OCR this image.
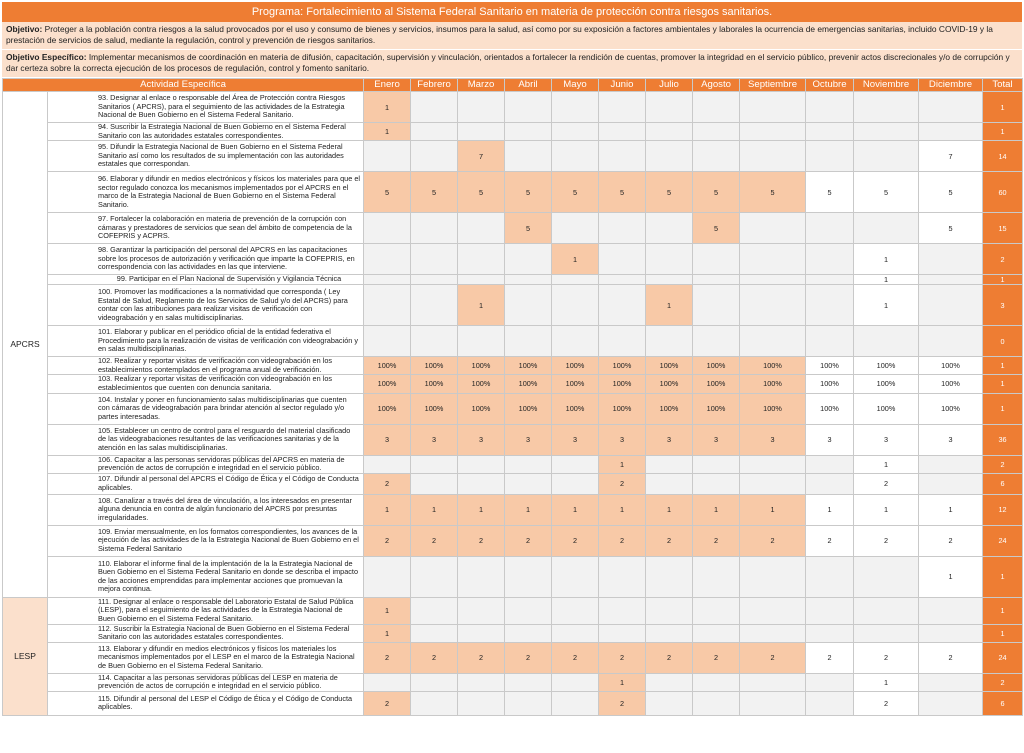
Programa: Fortalecimiento al Sistema Federal Sanitario en materia de protección contra riesgos sanitarios.
Objetivo: Proteger a la población contra riesgos a la salud provocados por el uso y consumo de bienes y servicios, insumos para la salud, así como por su exposición a factores ambientales y laborales la ocurrencia de emergencias sanitarias, incluido COVID-19 y la prestación de servicios de salud, mediante la regulación, control y prevención de riesgos sanitarios.
Objetivo Específico: Implementar mecanismos de coordinación en materia de difusión, capacitación, supervisión y vinculación, orientados a fortalecer la rendición de cuentas, promover la integridad en el servicio público, prevenir actos discrecionales y/o de corrupción y dar certeza sobre la correcta ejecución de los procesos de regulación, control y fomento sanitario.
Actividad Específica		Enero	Febrero	Marzo	Abril	Mayo	Junio	Julio	Agosto	Septiembre	Octubre	Noviembre	Diciembre	Total
APCRS	93. Designar al enlace o responsable del Área de Protección contra Riesgos Sanitarios ( APCRS), para el seguimiento de las actividades de la Estrategia Nacional de Buen Gobierno en el Sistema Federal Sanitario.	1												1
	94. Suscribir la Estrategia Nacional de Buen Gobierno en el Sistema Federal Sanitario con las autoridades estatales correspondientes.	1												1
	95. Difundir la Estrategia Nacional de Buen Gobierno en el Sistema Federal Sanitario así como los resultados de su implementación con las autoridades estatales que correspondan.			7									7	14
	96. Elaborar y difundir en medios electrónicos y físicos los materiales para que el sector regulado conozca los mecanismos implementados por el APCRS en el marco de la Estrategia Nacional de Buen Gobierno en el Sistema Federal Sanitario.	5	5	5	5	5	5	5	5	5	5	5	5	60
	97. Fortalecer la colaboración en materia de prevención de la corrupción con cámaras y prestadores de servicios que sean del ámbito de competencia de la COFEPRIS y ACPRS.				5				5				5	15
	98. Garantizar la participación del personal del APCRS en las capacitaciones sobre los procesos de autorización y verificación que imparte la COFEPRIS, en correspondencia con las actividades en las que interviene.					1						1		2
	99. Participar en el Plan Nacional de Supervisión y Vigilancia Técnica											1		1
	100. Promover las modificaciones a la normatividad que corresponda ( Ley Estatal de Salud, Reglamento de los Servicios de Salud y/o del APCRS) para contar con las atribuciones para realizar visitas de verificación con videograbación y en salas multidisciplinarias.			1				1				1		3
	101. Elaborar y publicar en el periódico oficial de la entidad federativa el Procedimiento para la realización de visitas de verificación con videograbación y en salas multidisciplinarias.													0
	102. Realizar y reportar visitas de verificación con videograbación en los establecimientos contemplados en el programa anual de verificación.	100%	100%	100%	100%	100%	100%	100%	100%	100%	100%	100%	100%	1
	103. Realizar y reportar visitas de verificación con videograbación en los establecimientos que cuenten con denuncia sanitaria.	100%	100%	100%	100%	100%	100%	100%	100%	100%	100%	100%	100%	1
	104. Instalar y poner en funcionamiento salas multidisciplinarias que cuenten con cámaras de videograbación para brindar atención al sector regulado y/o partes interesadas.	100%	100%	100%	100%	100%	100%	100%	100%	100%	100%	100%	100%	1
	105. Establecer un centro de control para el resguardo del material clasificado de las videograbaciones resultantes de las verificaciones sanitarias y de la atención en las salas multidisciplinarias.	3	3	3	3	3	3	3	3	3	3	3	3	36
	106. Capacitar a las personas servidoras públicas del APCRS en materia de prevención de actos de corrupción e integridad en el servicio público.						1					1		2
	107. Difundir al personal del APCRS el Código de Ética y el Código de Conducta aplicables.	2					2					2		6
	108. Canalizar a través del área de vinculación, a los interesados en presentar alguna denuncia en contra de algún funcionario del APCRS por presuntas irregularidades.	1	1	1	1	1	1	1	1	1	1	1	1	12
	109. Enviar mensualmente, en los formatos correspondientes, los avances de la ejecución de las actividades de la la Estrategia Nacional de Buen Gobierno en el Sistema Federal Sanitario	2	2	2	2	2	2	2	2	2	2	2	2	24
	110. Elaborar el informe final de la implentación de la la Estrategia Nacional de Buen Gobierno en el Sistema Federal Sanitario en donde se describa el impacto de las acciones emprendidas para implementar acciones que promuevan la mejora continua.												1	1
LESP	111. Designar al enlace o responsable del Laboratorio Estatal de Salud Pública (LESP), para el seguimiento de las actividades de la Estrategia Nacional de Buen Gobierno en el Sistema Federal Sanitario.	1												1
	112. Suscribir la Estrategia Nacional de Buen Gobierno en el Sistema Federal Sanitario con las autoridades estatales correspondientes.	1												1
	113. Elaborar y difundir en medios electrónicos y físicos los materiales los mecanismos implementados por el LESP en el marco de la Estrategia Nacional de Buen Gobierno en el Sistema Federal Sanitario.	2	2	2	2	2	2	2	2	2	2	2	2	24
	114. Capacitar a las personas servidoras públicas del LESP en materia de prevención de actos de corrupción e integridad en el servicio público.						1					1		2
	115. Difundir al personal del LESP el Código de Ética y el Código de Conducta aplicables.	2					2					2		6
